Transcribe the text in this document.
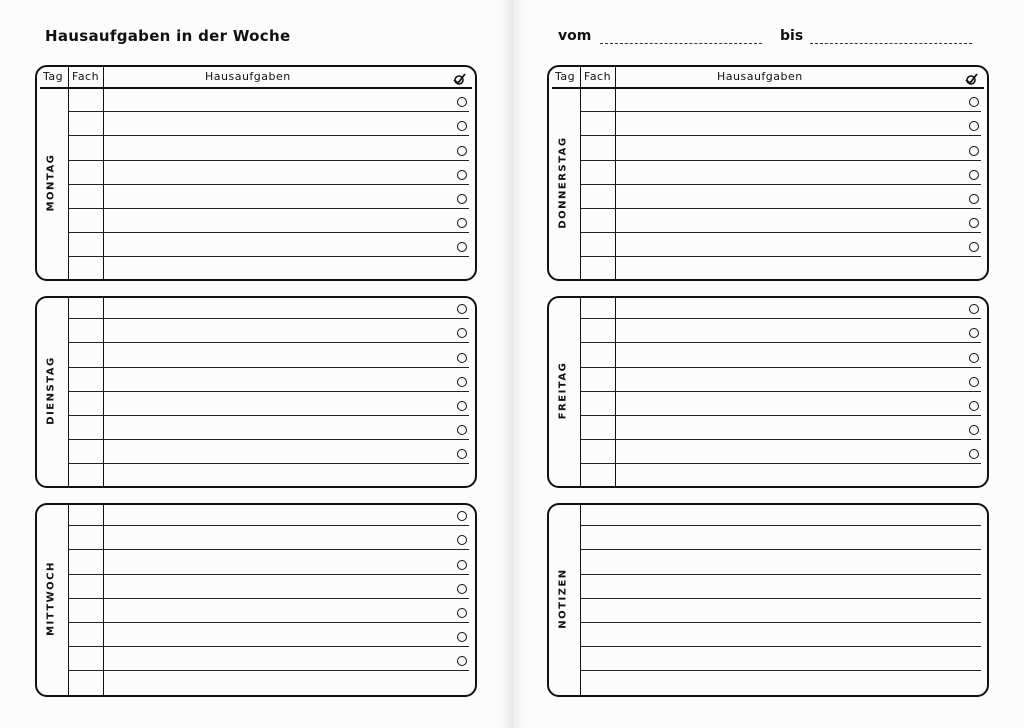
Hausaufgaben in der Woche	vom	bis
Tag Fach	Hausaufgaben
MONTAG
DIENSTAG
MITTWOCH
Tag Fach	Hausaufgaben
DONNERSTAG
FREITAG
NOTIZEN
